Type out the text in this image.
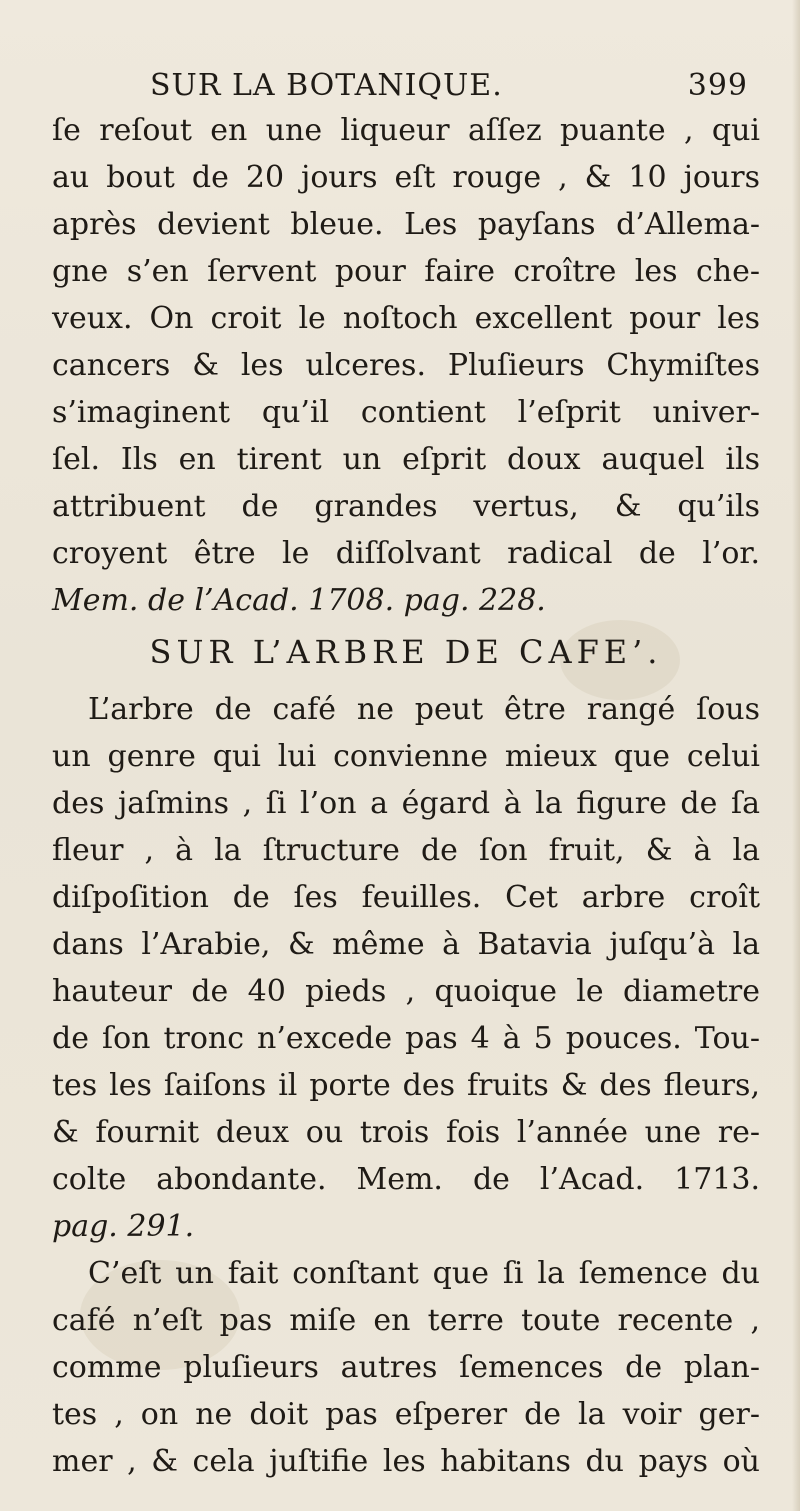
SUR LA BOTANIQUE.	399
ſe reſout en une liqueur aſſez puante , qui
au bout de 20 jours eſt rouge , & 10 jours
après devient bleue. Les payſans d’Allema-
gne s’en ſervent pour faire croître les che-
veux. On croit le noſtoch excellent pour les
cancers & les ulceres. Pluſieurs Chymiſtes
s’imaginent qu’il contient l’eſprit univer-
ſel. Ils en tirent un eſprit doux auquel ils
attribuent de grandes vertus, & qu’ils
croyent être le diſſolvant radical de l’or.
Mem. de l’Acad. 1708. pag. 228.
SUR L’ARBRE DE CAFE’.
L’arbre de café ne peut être rangé ſous
un genre qui lui convienne mieux que celui
des jaſmins , ſi l’on a égard à la figure de ſa
fleur , à la ſtructure de ſon fruit, & à la
diſpoſition de ſes feuilles. Cet arbre croît
dans l’Arabie, & même à Batavia juſqu’à la
hauteur de 40 pieds , quoique le diametre
de ſon tronc n’excede pas 4 à 5 pouces. Tou-
tes les ſaiſons il porte des fruits & des fleurs,
& fournit deux ou trois fois l’année une re-
colte abondante. Mem. de l’Acad. 1713.
pag. 291.
C’eſt un fait conſtant que ſi la ſemence du
café n’eſt pas miſe en terre toute recente ,
comme pluſieurs autres ſemences de plan-
tes , on ne doit pas eſperer de la voir ger-
mer , & cela juſtifie les habitans du pays où
